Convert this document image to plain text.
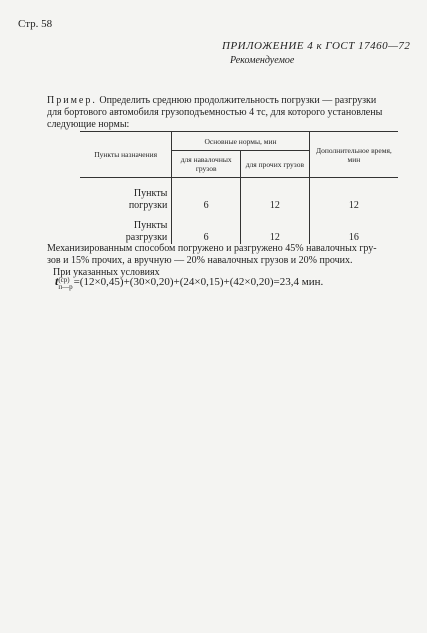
Стр. 58
ПРИЛОЖЕНИЕ 4 к ГОСТ 17460—72
Рекомендуемое

Пример. Определить среднюю продолжительность погрузки — разгрузки

для бортового автомобиля грузоподъемностью 4 тс, для которого установлены

следующие нормы:

Пункты назначения	Основные нормы, мин		Дополнительное время, мин
	для навалочных грузов	для прочих грузов	
Пункты
погрузки	6	12	12
Пункты
разгрузки	6	12	16
Механизированным способом погружено и разгружено 45% навалочных гру-
зов и 15% прочих, а вручную — 20% навалочных грузов и 20% прочих.
При указанных условиях
t(ср)
п—р=(12×0,45)+(30×0,20)+(24×0,15)+(42×0,20)=23,4 мин.
